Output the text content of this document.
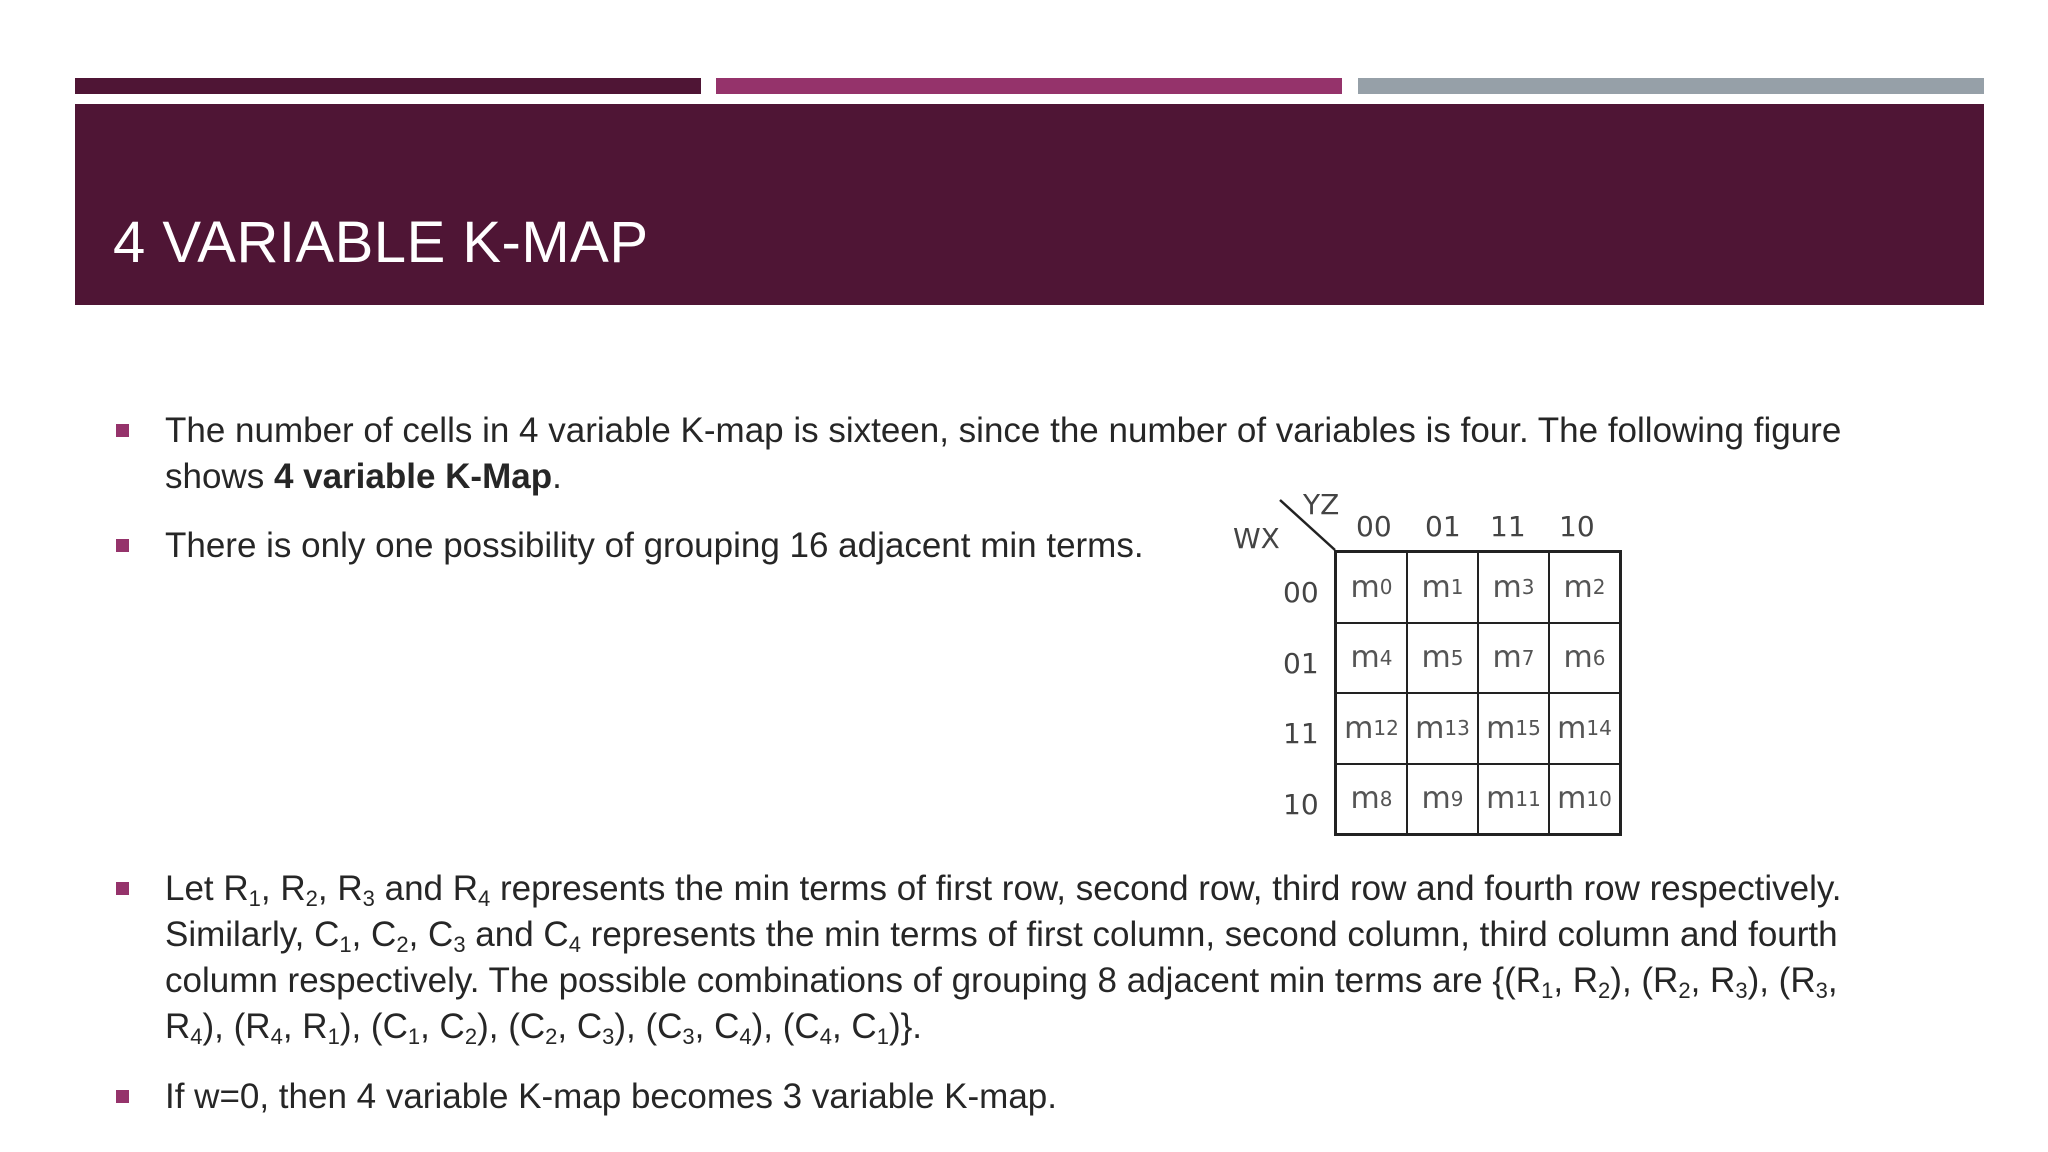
4 VARIABLE K-MAP
The number of cells in 4 variable K-map is sixteen, since the number of variables is four. The following figure shows 4 variable K-Map.
There is only one possibility of grouping 16 adjacent min terms.
Let $R_1$, $R_2$, $R_3$ and $R_4$ represents the min terms of first row, second row, third row and fourth row respectively. Similarly, $C_1$, $C_2$, $C_3$ and $C_4$ represents the min terms of first column, second column, third column and fourth column respectively. The possible combinations of grouping 8 adjacent min terms are {($R_1$, $R_2$), ($R_2$, $R_3$), ($R_3$, $R_4$), ($R_4$, $R_1$), ($C_1$, $C_2$), ($C_2$, $C_3$), ($C_3$, $C_4$), ($C_4$, $C_1$)}.
If w=0, then 4 variable K-map becomes 3 variable K-map.
YZ
WX	00 01 11 10
00
01
11
10
m 0 m 1 m 3 m 2
m 4 m 5 m 7 m 6
m 12 m 13 m 15 m 14
m 8 m 9 m 11 m 10
